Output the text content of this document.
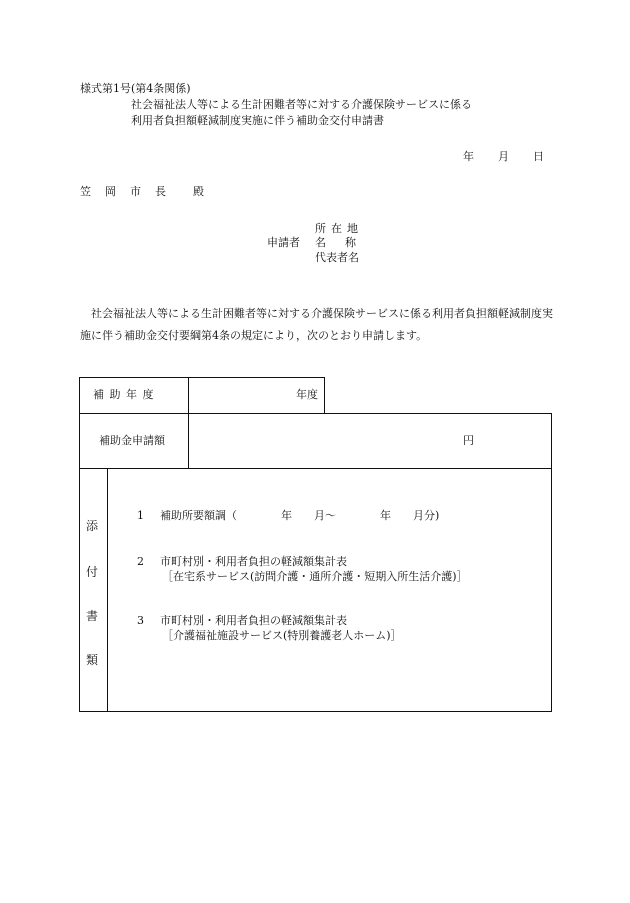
様式第1号(第4条関係)
社会福祉法人等による生計困難者等に対する介護保険サービスに係る
利用者負担額軽減制度実施に伴う補助金交付申請書
年 月 日
笠岡市長 殿
申請者
所在地
名 称
代表者名
社会福祉法人等による生計困難者等に対する介護保険サービスに係る利用者負担額軽減制度実施に伴う補助金交付要綱第4条の規定により，次のとおり申請します。
補 助 年 度	年度
補助金申請額	円
添
付
書
類
1 補助所要額調（　　　　年　　月～　　　　年　　月分)
2 市町村別・利用者負担の軽減額集計表
［在宅系サービス(訪問介護・通所介護・短期入所生活介護)］
3 市町村別・利用者負担の軽減額集計表
［介護福祉施設サービス(特別養護老人ホーム)］
